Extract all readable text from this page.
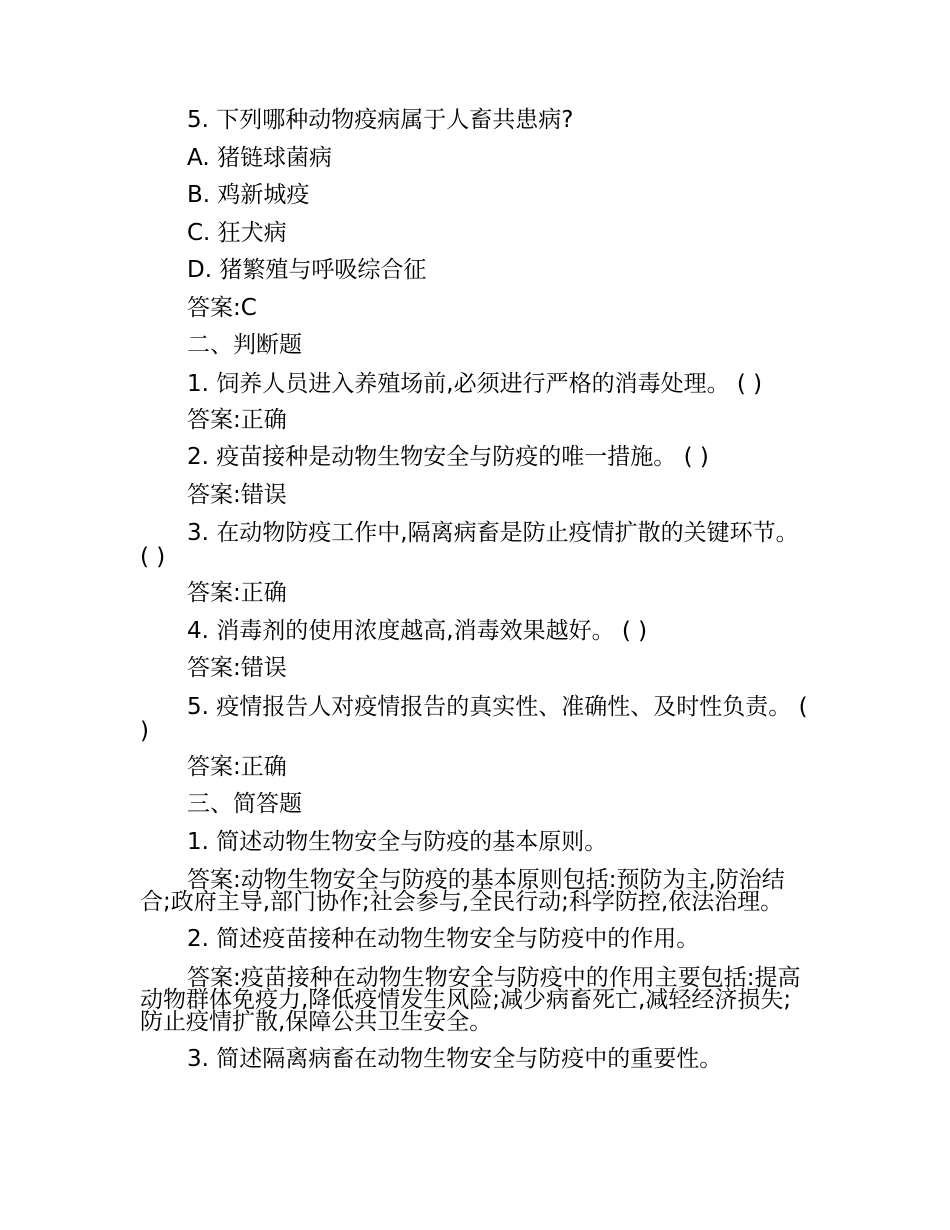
5. 下列哪种动物疫病属于人畜共患病?

A. 猪链球菌病

B. 鸡新城疫

C. 狂犬病

D. 猪繁殖与呼吸综合征

答案:C

二、判断题

1. 饲养人员进入养殖场前,必须进行严格的消毒处理。 ( )

答案:正确

2. 疫苗接种是动物生物安全与防疫的唯一措施。 ( )

答案:错误

3. 在动物防疫工作中,隔离病畜是防止疫情扩散的关键环节。 ( )

答案:正确

4. 消毒剂的使用浓度越高,消毒效果越好。 ( )

答案:错误

5. 疫情报告人对疫情报告的真实性、准确性、及时性负责。 ( )

答案:正确

三、简答题

1. 简述动物生物安全与防疫的基本原则。

答案:动物生物安全与防疫的基本原则包括:预防为主,防治结合;政府主导,部门协作;社会参与,全民行动;科学防控,依法治理。

2. 简述疫苗接种在动物生物安全与防疫中的作用。

答案:疫苗接种在动物生物安全与防疫中的作用主要包括:提高动物群体免疫力,降低疫情发生风险;减少病畜死亡,减轻经济损失;防止疫情扩散,保障公共卫生安全。

3. 简述隔离病畜在动物生物安全与防疫中的重要性。
